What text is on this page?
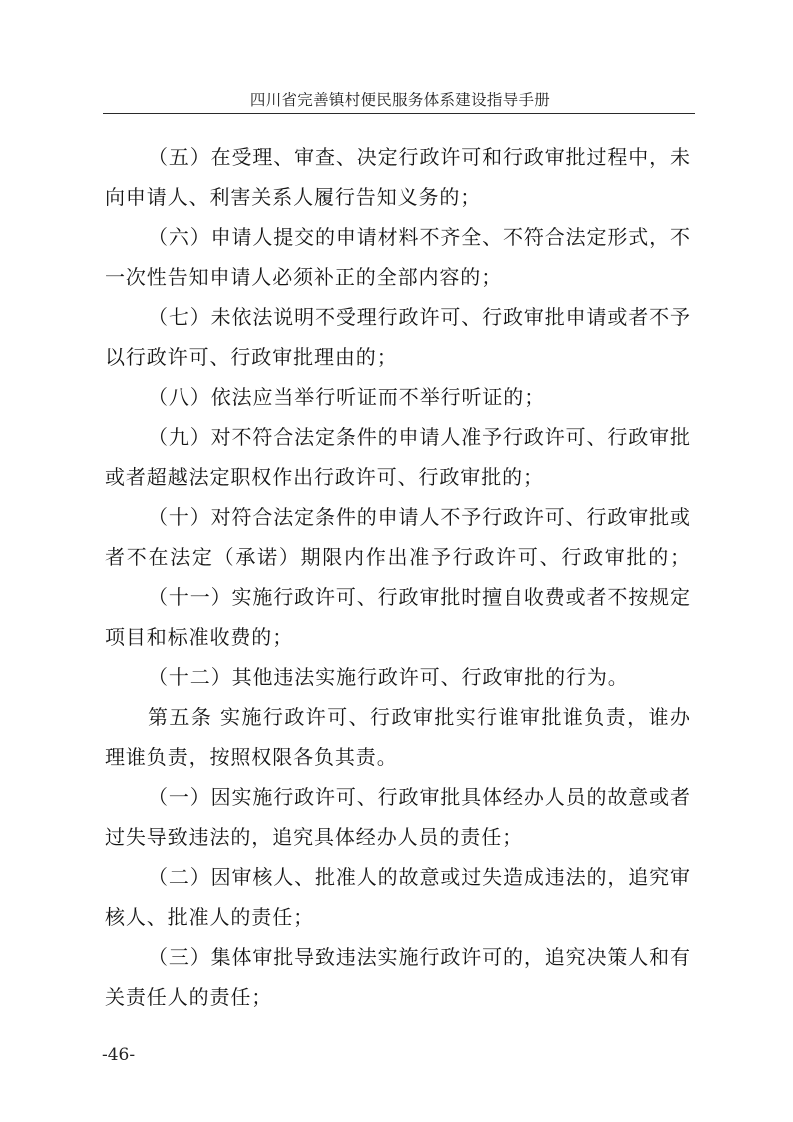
四川省完善镇村便民服务体系建设指导手册
（五）在受理、审查、决定行政许可和行政审批过程中，未
向申请人、利害关系人履行告知义务的；
（六）申请人提交的申请材料不齐全、不符合法定形式，不
一次性告知申请人必须补正的全部内容的；
（七）未依法说明不受理行政许可、行政审批申请或者不予
以行政许可、行政审批理由的；
（八）依法应当举行听证而不举行听证的；
（九）对不符合法定条件的申请人准予行政许可、行政审批
或者超越法定职权作出行政许可、行政审批的；
（十）对符合法定条件的申请人不予行政许可、行政审批或
者不在法定（承诺）期限内作出准予行政许可、行政审批的；
（十一）实施行政许可、行政审批时擅自收费或者不按规定
项目和标准收费的；
（十二）其他违法实施行政许可、行政审批的行为。
第五条 实施行政许可、行政审批实行谁审批谁负责，谁办
理谁负责，按照权限各负其责。
（一）因实施行政许可、行政审批具体经办人员的故意或者
过失导致违法的，追究具体经办人员的责任；
（二）因审核人、批准人的故意或过失造成违法的，追究审
核人、批准人的责任；
（三）集体审批导致违法实施行政许可的，追究决策人和有
关责任人的责任；
-46-
